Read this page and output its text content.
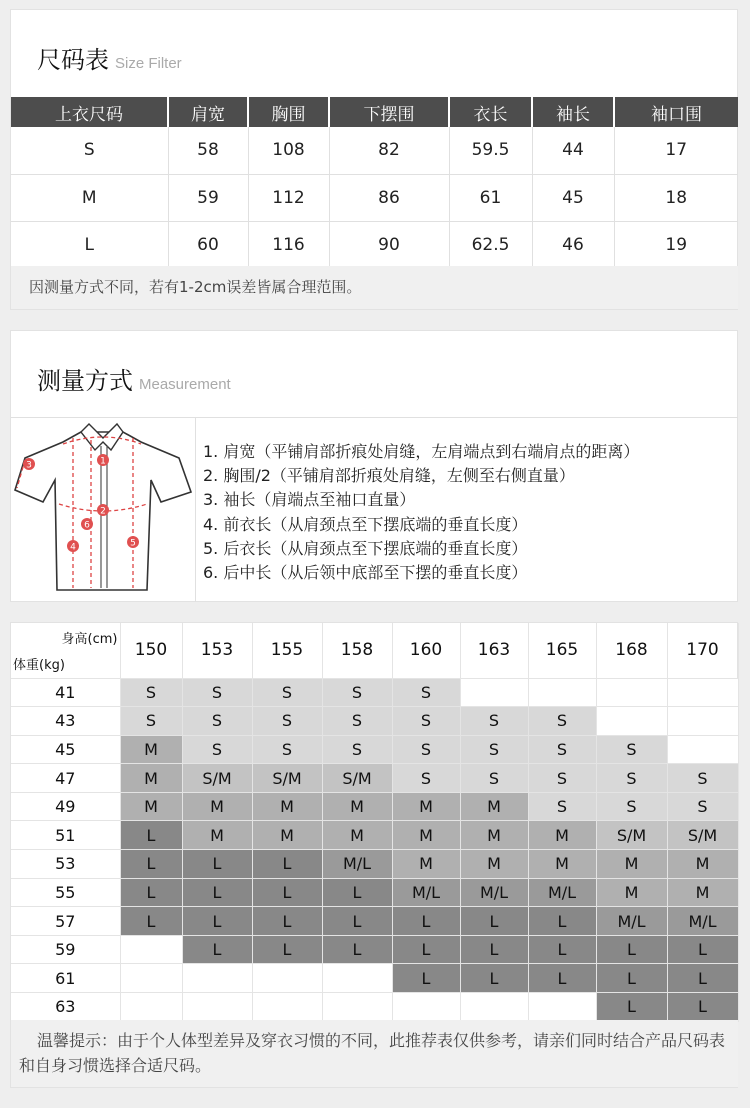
尺码表 Size Filter
上衣尺码	肩宽	胸围	下摆围	衣长	袖长	袖口围
S	58	108	82	59.5	44	17
M	59	112	86	61	45	18
L	60	116	90	62.5	46	19
因测量方式不同，若有1-2cm误差皆属合理范围。
测量方式 Measurement
1
2
3
4	5
6
1. 肩宽（平铺肩部折痕处肩缝，左肩端点到右端肩点的距离）
2. 胸围/2（平铺肩部折痕处肩缝，左侧至右侧直量）
3. 袖长（肩端点至袖口直量）
4. 前衣长（从肩颈点至下摆底端的垂直长度）
5. 后衣长（从肩颈点至下摆底端的垂直长度）
6. 后中长（从后领中底部至下摆的垂直长度）
身高(cm)
体重(kg)	150	153	155	158	160	163	165	168	170
41	S	S	S	S	S				
43	S	S	S	S	S	S	S		
45	M	S	S	S	S	S	S	S	
47	M	S/M	S/M	S/M	S	S	S	S	S
49	M	M	M	M	M	M	S	S	S
51	L	M	M	M	M	M	M	S/M	S/M
53	L	L	L	M/L	M	M	M	M	M
55	L	L	L	L	M/L	M/L	M/L	M	M
57	L	L	L	L	L	L	L	M/L	M/L
59		L	L	L	L	L	L	L	L
61					L	L	L	L	L
63								L	L
温馨提示：由于个人体型差异及穿衣习惯的不同，此推荐表仅供参考，请亲们同时结合产品尺码表和自身习惯选择合适尺码。
